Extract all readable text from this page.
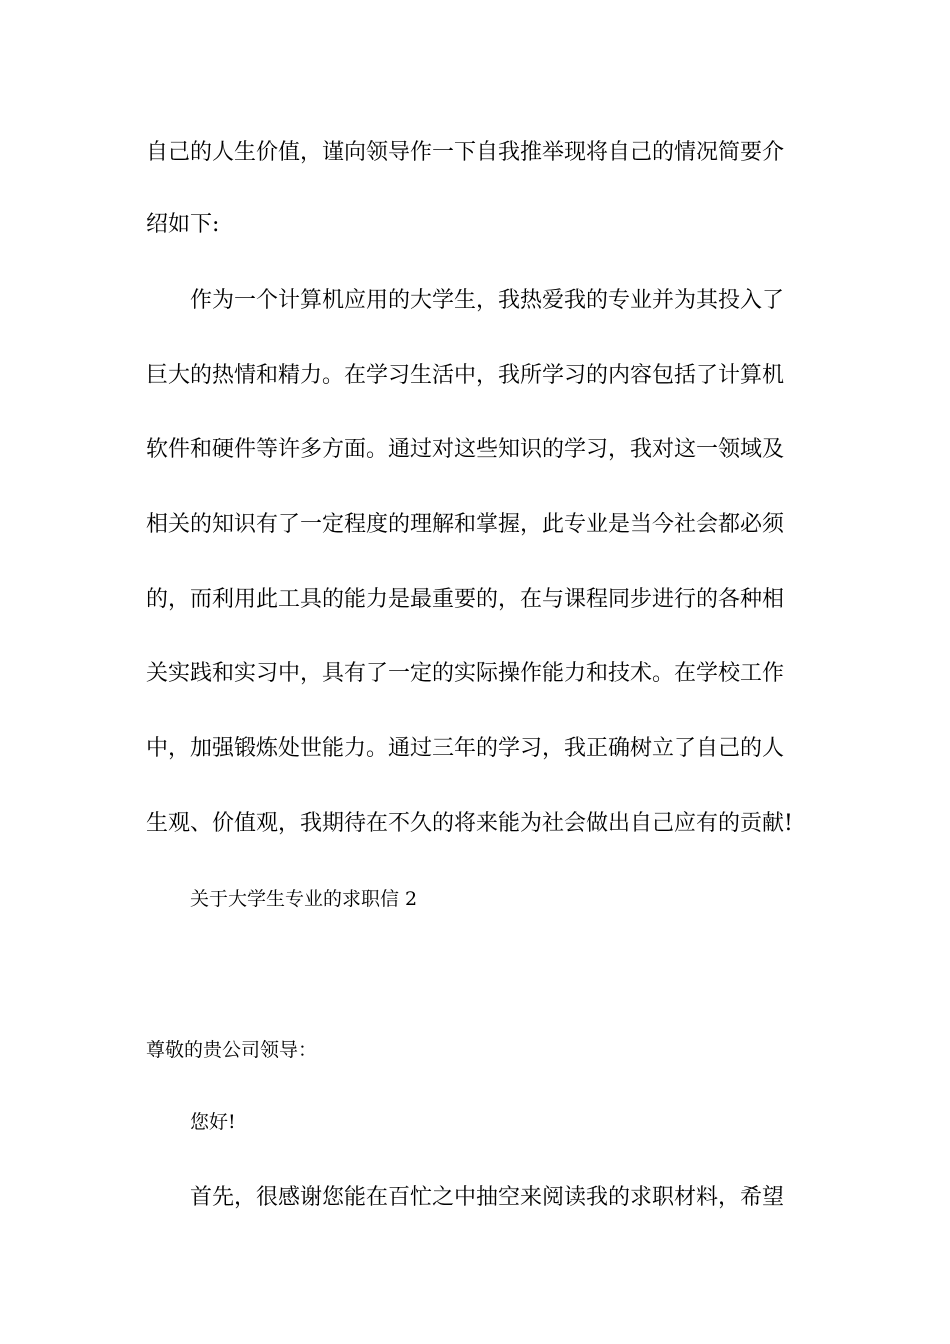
自己的人生价值，谨向领导作一下自我推举现将自己的情况简要介
绍如下:
作为一个计算机应用的大学生，我热爱我的专业并为其投入了
巨大的热情和精力。在学习生活中，我所学习的内容包括了计算机
软件和硬件等许多方面。通过对这些知识的学习，我对这一领域及
相关的知识有了一定程度的理解和掌握，此专业是当今社会都必须
的，而利用此工具的能力是最重要的，在与课程同步进行的各种相
关实践和实习中，具有了一定的实际操作能力和技术。在学校工作
中，加强锻炼处世能力。通过三年的学习，我正确树立了自己的人
生观、价值观，我期待在不久的将来能为社会做出自己应有的贡献!
关于大学生专业的求职信 2
尊敬的贵公司领导：
您好!
首先，很感谢您能在百忙之中抽空来阅读我的求职材料，希望
